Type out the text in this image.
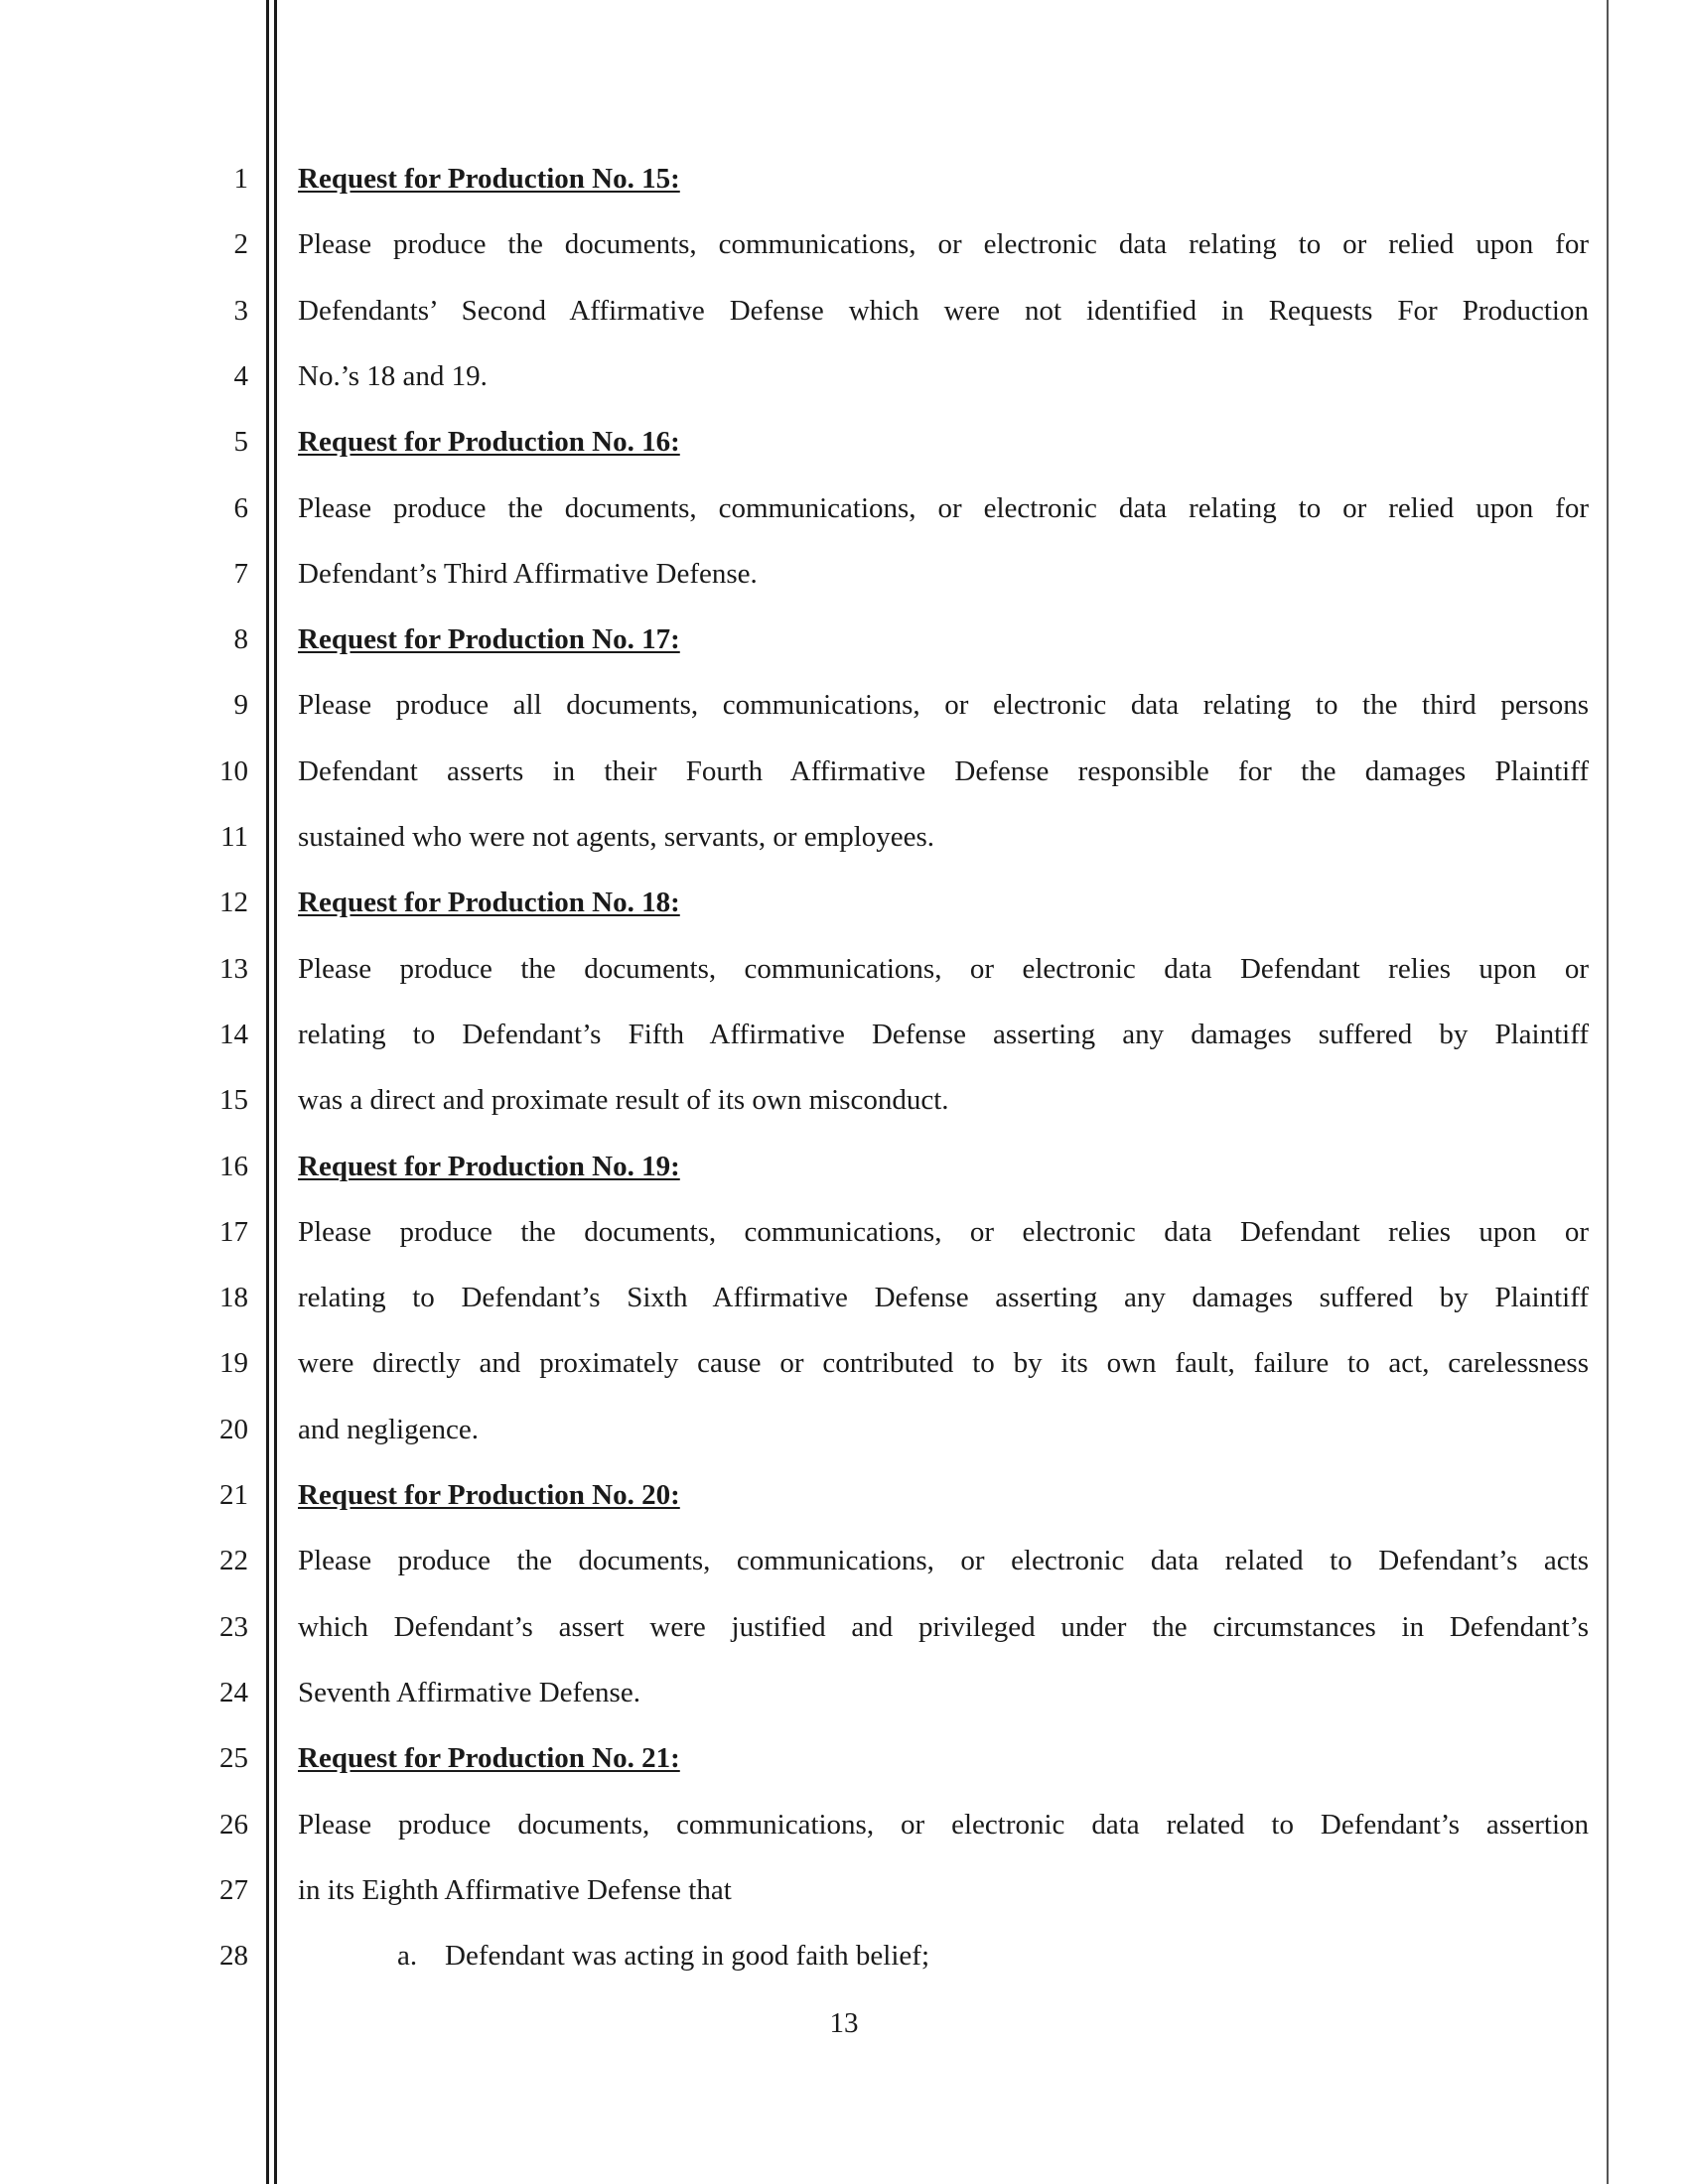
1
2
3
4
5
6
7
8
9
10
11
12
13
14
15
16
17
18
19
20
21
22
23
24
25
26
27
28
Request for Production No. 15:
Please produce the documents, communications, or electronic data relating to or relied upon for
Defendants’ Second Affirmative Defense which were not identified in Requests For Production
No.’s 18 and 19.
Request for Production No. 16:
Please produce the documents, communications, or electronic data relating to or relied upon for
Defendant’s Third Affirmative Defense.
Request for Production No. 17:
Please produce all documents, communications, or electronic data relating to the third persons
Defendant asserts in their Fourth Affirmative Defense responsible for the damages Plaintiff
sustained who were not agents, servants, or employees.
Request for Production No. 18:
Please produce the documents, communications, or electronic data Defendant relies upon or
relating to Defendant’s Fifth Affirmative Defense asserting any damages suffered by Plaintiff
was a direct and proximate result of its own misconduct.
Request for Production No. 19:
Please produce the documents, communications, or electronic data Defendant relies upon or
relating to Defendant’s Sixth Affirmative Defense asserting any damages suffered by Plaintiff
were directly and proximately cause or contributed to by its own fault, failure to act, carelessness
and negligence.
Request for Production No. 20:
Please produce the documents, communications, or electronic data related to Defendant’s acts
which Defendant’s assert were justified and privileged under the circumstances in Defendant’s
Seventh Affirmative Defense.
Request for Production No. 21:
Please produce documents, communications, or electronic data related to Defendant’s assertion
in its Eighth Affirmative Defense that
a. Defendant was acting in good faith belief;
13
